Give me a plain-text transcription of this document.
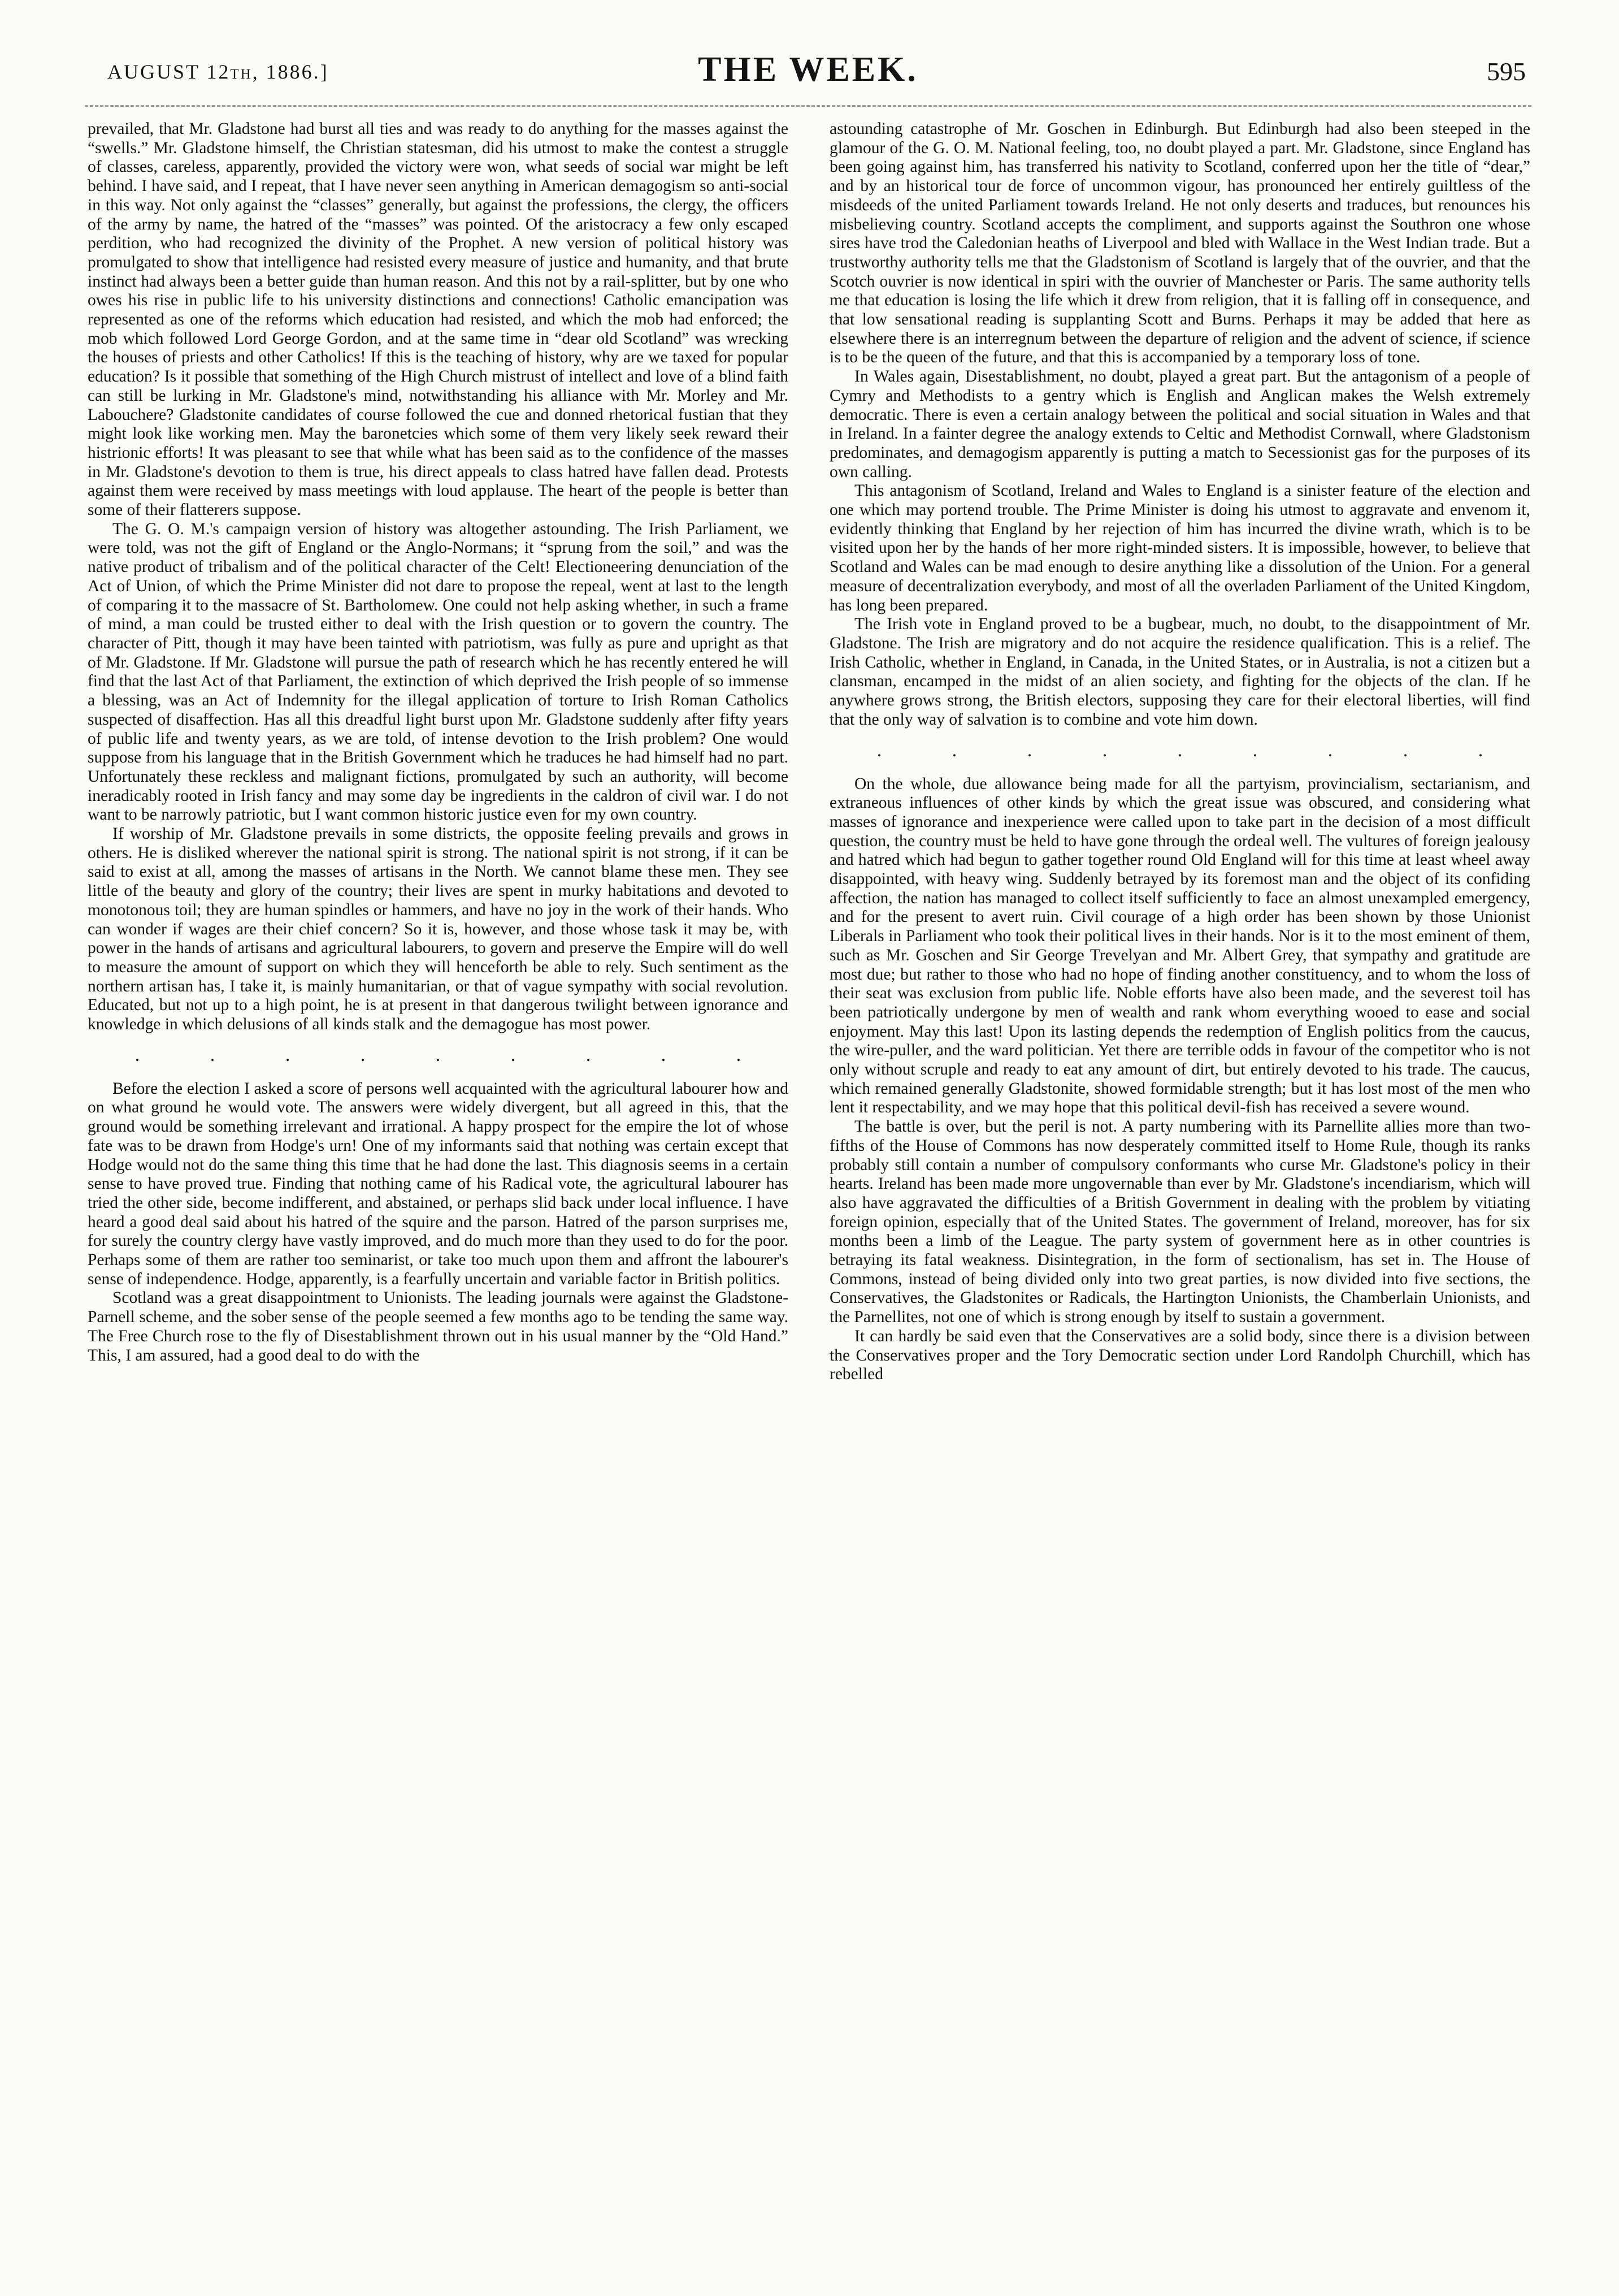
AUGUST 12th, 1886.]	THE WEEK.	595

prevailed, that Mr. Gladstone had burst all ties and was ready to do anything for the masses against the “swells.” Mr. Gladstone himself, the Christian statesman, did his utmost to make the contest a struggle of classes, careless, apparently, provided the victory were won, what seeds of social war might be left behind. I have said, and I repeat, that I have never seen anything in American demagogism so anti-social in this way. Not only against the “classes” generally, but against the professions, the clergy, the officers of the army by name, the hatred of the “masses” was pointed. Of the aristocracy a few only escaped perdition, who had recognized the divinity of the Prophet. A new version of political history was promulgated to show that intelligence had resisted every measure of justice and humanity, and that brute instinct had always been a better guide than human reason. And this not by a rail-splitter, but by one who owes his rise in public life to his university distinctions and connections! Catholic emancipation was represented as one of the reforms which education had resisted, and which the mob had enforced; the mob which followed Lord George Gordon, and at the same time in “dear old Scotland” was wrecking the houses of priests and other Catholics! If this is the teaching of history, why are we taxed for popular education? Is it possible that something of the High Church mistrust of intellect and love of a blind faith can still be lurking in Mr. Gladstone's mind, notwithstanding his alliance with Mr. Morley and Mr. Labouchere? Gladstonite candidates of course followed the cue and donned rhetorical fustian that they might look like working men. May the baronetcies which some of them very likely seek reward their histrionic efforts! It was pleasant to see that while what has been said as to the confidence of the masses in Mr. Gladstone's devotion to them is true, his direct appeals to class hatred have fallen dead. Protests against them were received by mass meetings with loud applause. The heart of the people is better than some of their flatterers suppose.

The G. O. M.'s campaign version of history was altogether astounding. The Irish Parliament, we were told, was not the gift of England or the Anglo-Normans; it “sprung from the soil,” and was the native product of tribalism and of the political character of the Celt! Electioneering denunciation of the Act of Union, of which the Prime Minister did not dare to propose the repeal, went at last to the length of comparing it to the massacre of St. Bartholomew. One could not help asking whether, in such a frame of mind, a man could be trusted either to deal with the Irish question or to govern the country. The character of Pitt, though it may have been tainted with patriotism, was fully as pure and upright as that of Mr. Gladstone. If Mr. Gladstone will pursue the path of research which he has recently entered he will find that the last Act of that Parliament, the extinction of which deprived the Irish people of so immense a blessing, was an Act of Indemnity for the illegal application of torture to Irish Roman Catholics suspected of disaffection. Has all this dreadful light burst upon Mr. Gladstone suddenly after fifty years of public life and twenty years, as we are told, of intense devotion to the Irish problem? One would suppose from his language that in the British Government which he traduces he had himself had no part. Unfortunately these reckless and malignant fictions, promulgated by such an authority, will become ineradicably rooted in Irish fancy and may some day be ingredients in the caldron of civil war. I do not want to be narrowly patriotic, but I want common historic justice even for my own country.

If worship of Mr. Gladstone prevails in some districts, the opposite feeling prevails and grows in others. He is disliked wherever the national spirit is strong. The national spirit is not strong, if it can be said to exist at all, among the masses of artisans in the North. We cannot blame these men. They see little of the beauty and glory of the country; their lives are spent in murky habitations and devoted to monotonous toil; they are human spindles or hammers, and have no joy in the work of their hands. Who can wonder if wages are their chief concern? So it is, however, and those whose task it may be, with power in the hands of artisans and agricultural labourers, to govern and preserve the Empire will do well to measure the amount of support on which they will henceforth be able to rely. Such sentiment as the northern artisan has, I take it, is mainly humanitarian, or that of vague sympathy with social revolution. Educated, but not up to a high point, he is at present in that dangerous twilight between ignorance and knowledge in which delusions of all kinds stalk and the demagogue has most power.

. . . . . . . . .

Before the election I asked a score of persons well acquainted with the agricultural labourer how and on what ground he would vote. The answers were widely divergent, but all agreed in this, that the ground would be something irrelevant and irrational. A happy prospect for the empire the lot of whose fate was to be drawn from Hodge's urn! One of my informants said that nothing was certain except that Hodge would not do the same thing this time that he had done the last. This diagnosis seems in a certain sense to have proved true. Finding that nothing came of his Radical vote, the agricultural labourer has tried the other side, become indifferent, and abstained, or perhaps slid back under local influence. I have heard a good deal said about his hatred of the squire and the parson. Hatred of the parson surprises me, for surely the country clergy have vastly improved, and do much more than they used to do for the poor. Perhaps some of them are rather too seminarist, or take too much upon them and affront the labourer's sense of independence. Hodge, apparently, is a fearfully uncertain and variable factor in British politics.

Scotland was a great disappointment to Unionists. The leading journals were against the Gladstone-Parnell scheme, and the sober sense of the people seemed a few months ago to be tending the same way. The Free Church rose to the fly of Disestablishment thrown out in his usual manner by the “Old Hand.” This, I am assured, had a good deal to do with the

astounding catastrophe of Mr. Goschen in Edinburgh. But Edinburgh had also been steeped in the glamour of the G. O. M. National feeling, too, no doubt played a part. Mr. Gladstone, since England has been going against him, has transferred his nativity to Scotland, conferred upon her the title of “dear,” and by an historical tour de force of uncommon vigour, has pronounced her entirely guiltless of the misdeeds of the united Parliament towards Ireland. He not only deserts and traduces, but renounces his misbelieving country. Scotland accepts the compliment, and supports against the Southron one whose sires have trod the Caledonian heaths of Liverpool and bled with Wallace in the West Indian trade. But a trustworthy authority tells me that the Gladstonism of Scotland is largely that of the ouvrier, and that the Scotch ouvrier is now identical in spiri with the ouvrier of Manchester or Paris. The same authority tells me that education is losing the life which it drew from religion, that it is falling off in consequence, and that low sensational reading is supplanting Scott and Burns. Perhaps it may be added that here as elsewhere there is an interregnum between the departure of religion and the advent of science, if science is to be the queen of the future, and that this is accompanied by a temporary loss of tone.

In Wales again, Disestablishment, no doubt, played a great part. But the antagonism of a people of Cymry and Methodists to a gentry which is English and Anglican makes the Welsh extremely democratic. There is even a certain analogy between the political and social situation in Wales and that in Ireland. In a fainter degree the analogy extends to Celtic and Methodist Cornwall, where Gladstonism predominates, and demagogism apparently is putting a match to Secessionist gas for the purposes of its own calling.

This antagonism of Scotland, Ireland and Wales to England is a sinister feature of the election and one which may portend trouble. The Prime Minister is doing his utmost to aggravate and envenom it, evidently thinking that England by her rejection of him has incurred the divine wrath, which is to be visited upon her by the hands of her more right-minded sisters. It is impossible, however, to believe that Scotland and Wales can be mad enough to desire anything like a dissolution of the Union. For a general measure of decentralization everybody, and most of all the overladen Parliament of the United Kingdom, has long been prepared.

The Irish vote in England proved to be a bugbear, much, no doubt, to the disappointment of Mr. Gladstone. The Irish are migratory and do not acquire the residence qualification. This is a relief. The Irish Catholic, whether in England, in Canada, in the United States, or in Australia, is not a citizen but a clansman, encamped in the midst of an alien society, and fighting for the objects of the clan. If he anywhere grows strong, the British electors, supposing they care for their electoral liberties, will find that the only way of salvation is to combine and vote him down.

. . . . . . . . .

On the whole, due allowance being made for all the partyism, provincialism, sectarianism, and extraneous influences of other kinds by which the great issue was obscured, and considering what masses of ignorance and inexperience were called upon to take part in the decision of a most difficult question, the country must be held to have gone through the ordeal well. The vultures of foreign jealousy and hatred which had begun to gather together round Old England will for this time at least wheel away disappointed, with heavy wing. Suddenly betrayed by its foremost man and the object of its confiding affection, the nation has managed to collect itself sufficiently to face an almost unexampled emergency, and for the present to avert ruin. Civil courage of a high order has been shown by those Unionist Liberals in Parliament who took their political lives in their hands. Nor is it to the most eminent of them, such as Mr. Goschen and Sir George Trevelyan and Mr. Albert Grey, that sympathy and gratitude are most due; but rather to those who had no hope of finding another constituency, and to whom the loss of their seat was exclusion from public life. Noble efforts have also been made, and the severest toil has been patriotically undergone by men of wealth and rank whom everything wooed to ease and social enjoyment. May this last! Upon its lasting depends the redemption of English politics from the caucus, the wire-puller, and the ward politician. Yet there are terrible odds in favour of the competitor who is not only without scruple and ready to eat any amount of dirt, but entirely devoted to his trade. The caucus, which remained generally Gladstonite, showed formidable strength; but it has lost most of the men who lent it respectability, and we may hope that this political devil-fish has received a severe wound.

The battle is over, but the peril is not. A party numbering with its Parnellite allies more than two-fifths of the House of Commons has now desperately committed itself to Home Rule, though its ranks probably still contain a number of compulsory conformants who curse Mr. Gladstone's policy in their hearts. Ireland has been made more ungovernable than ever by Mr. Gladstone's incendiarism, which will also have aggravated the difficulties of a British Government in dealing with the problem by vitiating foreign opinion, especially that of the United States. The government of Ireland, moreover, has for six months been a limb of the League. The party system of government here as in other countries is betraying its fatal weakness. Disintegration, in the form of sectionalism, has set in. The House of Commons, instead of being divided only into two great parties, is now divided into five sections, the Conservatives, the Gladstonites or Radicals, the Hartington Unionists, the Chamberlain Unionists, and the Parnellites, not one of which is strong enough by itself to sustain a government.

It can hardly be said even that the Conservatives are a solid body, since there is a division between the Conservatives proper and the Tory Democratic section under Lord Randolph Churchill, which has rebelled
